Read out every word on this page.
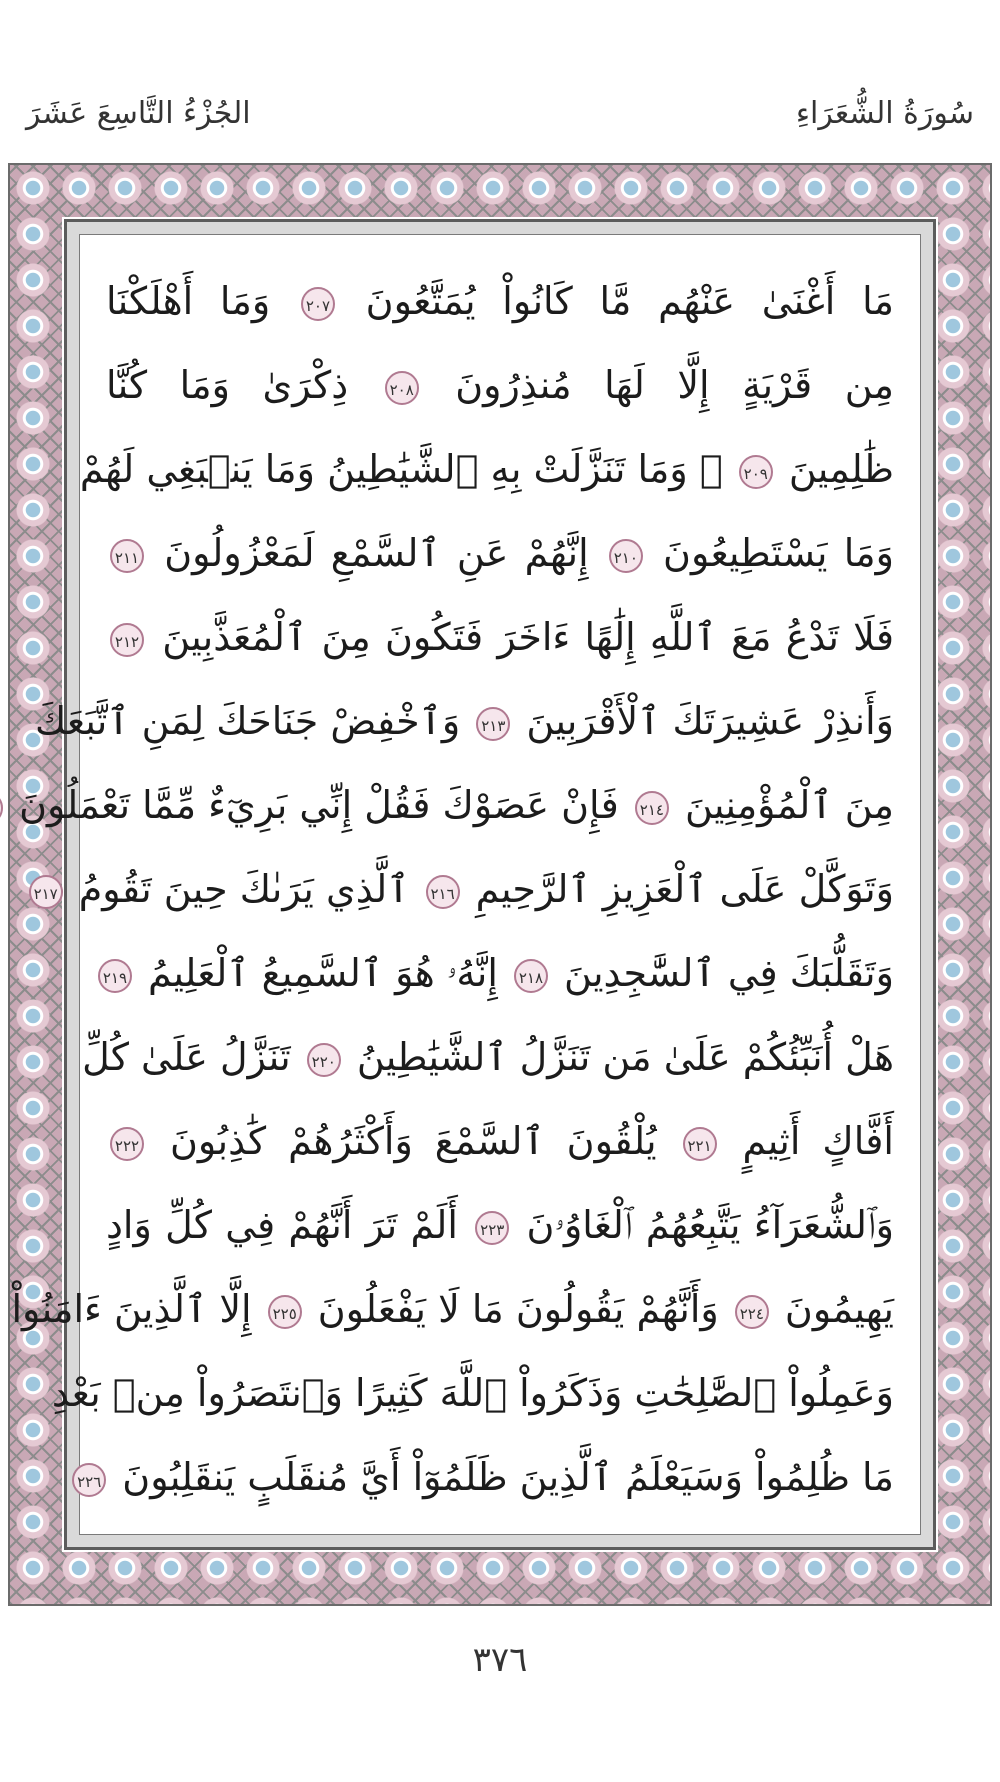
سُورَةُ الشُّعَرَاءِ
الجُزْءُ التَّاسِعَ عَشَرَ
مَا أَغْنَىٰ عَنْهُم مَّا كَانُواْ يُمَتَّعُونَ ٢٠٧ وَمَا أَهْلَكْنَا
مِن قَرْيَةٍ إِلَّا لَهَا مُنذِرُونَ ٢٠٨ ذِكْرَىٰ وَمَا كُنَّا
ظَٰلِمِينَ ٢٠٩ ۞ وَمَا تَنَزَّلَتْ بِهِ ٱلشَّيَٰطِينُ وَمَا يَنۢبَغِي لَهُمْ
وَمَا يَسْتَطِيعُونَ ٢١٠ إِنَّهُمْ عَنِ ٱلسَّمْعِ لَمَعْزُولُونَ ٢١١
فَلَا تَدْعُ مَعَ ٱللَّهِ إِلَٰهًا ءَاخَرَ فَتَكُونَ مِنَ ٱلْمُعَذَّبِينَ ٢١٢
وَأَنذِرْ عَشِيرَتَكَ ٱلْأَقْرَبِينَ ٢١٣ وَٱخْفِضْ جَنَاحَكَ لِمَنِ ٱتَّبَعَكَ
مِنَ ٱلْمُؤْمِنِينَ ٢١٤ فَإِنْ عَصَوْكَ فَقُلْ إِنِّي بَرِيٓءٌ مِّمَّا تَعْمَلُونَ
وَتَوَكَّلْ عَلَى ٱلْعَزِيزِ ٱلرَّحِيمِ ٢١٦ ٱلَّذِي يَرَىٰكَ حِينَ تَقُومُ ٢١٧
وَتَقَلُّبَكَ فِي ٱلسَّٰجِدِينَ ٢١٨ إِنَّهُۥ هُوَ ٱلسَّمِيعُ ٱلْعَلِيمُ ٢١٩
هَلْ أُنَبِّئُكُمْ عَلَىٰ مَن تَنَزَّلُ ٱلشَّيَٰطِينُ ٢٢٠ تَنَزَّلُ عَلَىٰ كُلِّ
أَفَّاكٍ أَثِيمٍ ٢٢١ يُلْقُونَ ٱلسَّمْعَ وَأَكْثَرُهُمْ كَٰذِبُونَ ٢٢٢
وَٱلشُّعَرَآءُ يَتَّبِعُهُمُ ٱلْغَاوُۥنَ ٢٢٣ أَلَمْ تَرَ أَنَّهُمْ فِي كُلِّ وَادٍ
يَهِيمُونَ ٢٢٤ وَأَنَّهُمْ يَقُولُونَ مَا لَا يَفْعَلُونَ ٢٢٥ إِلَّا ٱلَّذِينَ ءَامَنُواْ
وَعَمِلُواْ ٱلصَّٰلِحَٰتِ وَذَكَرُواْ ٱللَّهَ كَثِيرًا وَٱنتَصَرُواْ مِنۢ بَعْدِ
مَا ظُلِمُواْ وَسَيَعْلَمُ ٱلَّذِينَ ظَلَمُوٓاْ أَيَّ مُنقَلَبٍ يَنقَلِبُونَ ٢٢٦
٣٧٦
